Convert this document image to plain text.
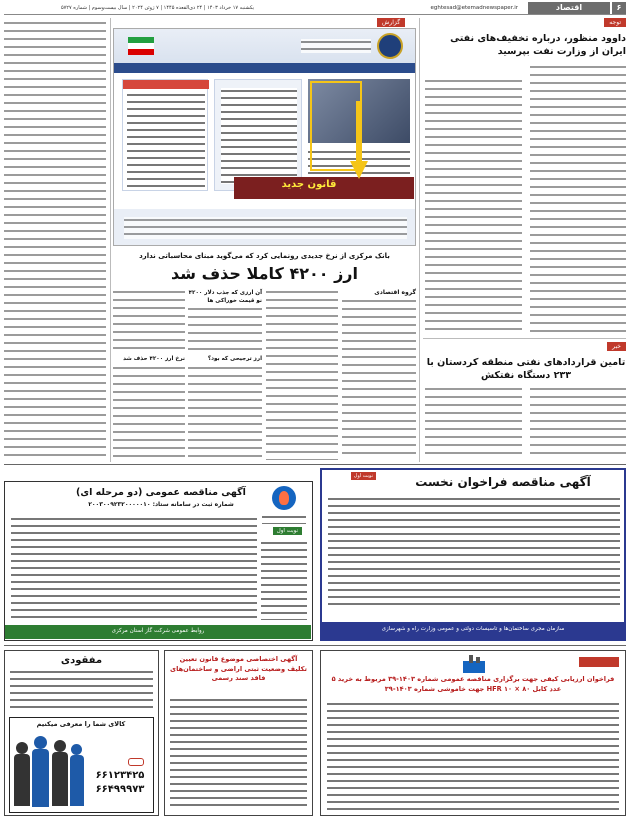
۶
اقتصاد
eghtesad@etemadnewspaper.ir
یکشنبه ۱۷ خرداد ۱۴۰۳ | ۲۴ ذی‌القعده ۱۴۴۵ | ۷ ژوئن ۲۰۲۴ | سال بیست‌وسوم | شماره ۵۷۲۷
توجه
داوود منظور، درباره تخفیف‌های نفتی ایران از وزارت نفت بپرسید
خبر
تامین قراردادهای نفتی منطقه کردستان با ۲۳۳ دستگاه نفتکش
گزارش
قانون جدید
بانک مرکزی از نرخ جدیدی رونمایی کرد که می‌گوید مبنای محاسباتی ندارد
ارز ۴۲۰۰ کاملا حذف شد
گروه اقتصادی
آن ارزی که جذب دلار ۴۲۰۰ نو قیمت خوراکی ها
ارز ترجیحی که بود؟
نرخ ارز ۴۲۰۰ حذف شد
نوبت اول	آگهی مناقصه فراخوان نخست
سازمان مجری ساختمان‌ها و تاسیسات دولتی و عمومی وزارت راه و شهرسازی
آگهی مناقصه عمومی (دو مرحله ای)
شماره ثبت در سامانه ستاد: ۲۰۰۳۰۰۹۲۳۲۰۰۰۰۰۱۰
نوبت اول
روابط عمومی شرکت گاز استان مرکزی
فراخوان ارزیابی کیفی جهت برگزاری مناقصه عمومی شماره ۱۴۰۳-۳۹ مربوط به خرید ۵ عدد کابل ۸۰ × ۱۰ HFR جهت خاموشی شماره ۱۴۰۳-۳۹
آگهی اختصاصی موضوع قانون تعیین تکلیف وضعیت ثبتی اراضی و ساختمان‌های فاقد سند رسمی
مفقودی
کالای شما را معرفی میکنیم
۶۶۱۲۳۴۲۵
۶۶۴۹۹۹۷۳
